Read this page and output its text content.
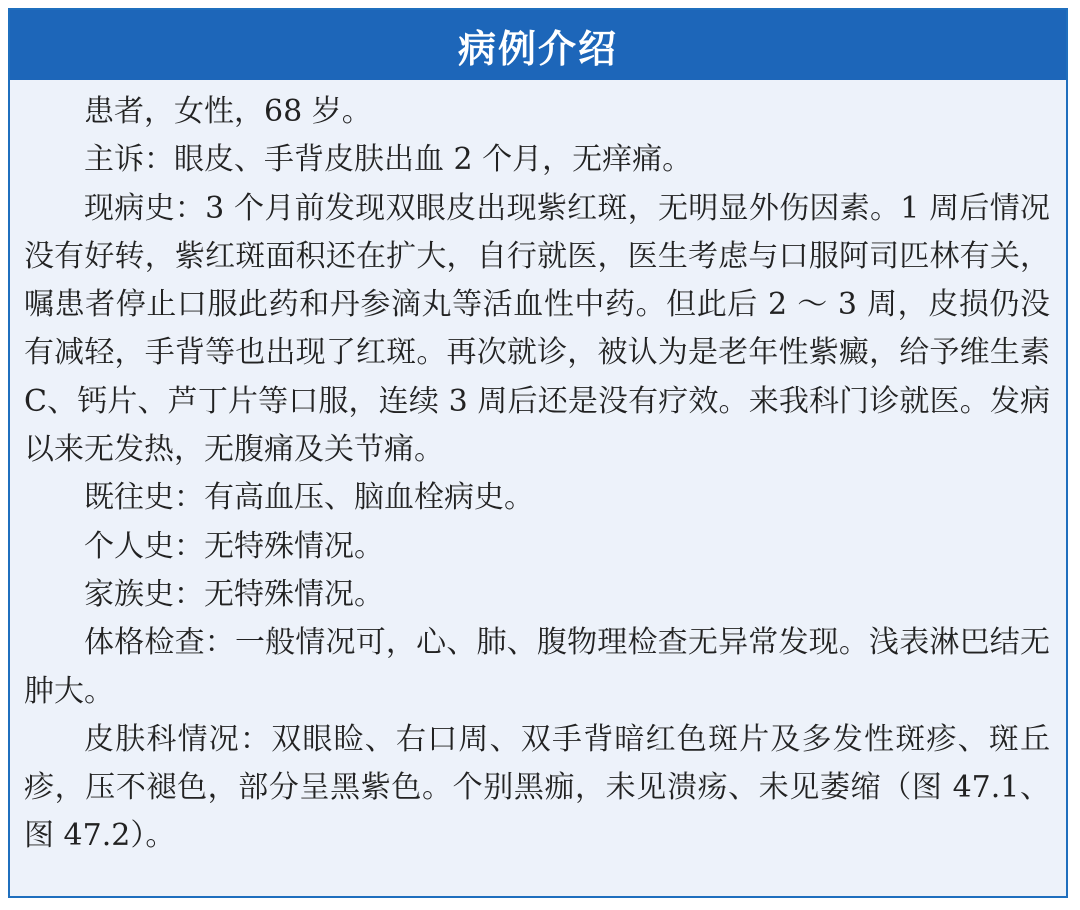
病例介绍

患者，女性，68 岁。

主诉：眼皮、手背皮肤出血 2 个月，无痒痛。

现病史：3 个月前发现双眼皮出现紫红斑，无明显外伤因素。1 周后情况没有好转，紫红斑面积还在扩大，自行就医，医生考虑与口服阿司匹林有关，嘱患者停止口服此药和丹参滴丸等活血性中药。但此后 2 ～ 3 周，皮损仍没有减轻，手背等也出现了红斑。再次就诊，被认为是老年性紫癜，给予维生素 C、钙片、芦丁片等口服，连续 3 周后还是没有疗效。来我科门诊就医。发病以来无发热，无腹痛及关节痛。

既往史：有高血压、脑血栓病史。

个人史：无特殊情况。

家族史：无特殊情况。

体格检查：一般情况可，心、肺、腹物理检查无异常发现。浅表淋巴结无肿大。

皮肤科情况：双眼睑、右口周、双手背暗红色斑片及多发性斑疹、斑丘疹，压不褪色，部分呈黑紫色。个别黑痂，未见溃疡、未见萎缩（图 47.1、图 47.2）。
